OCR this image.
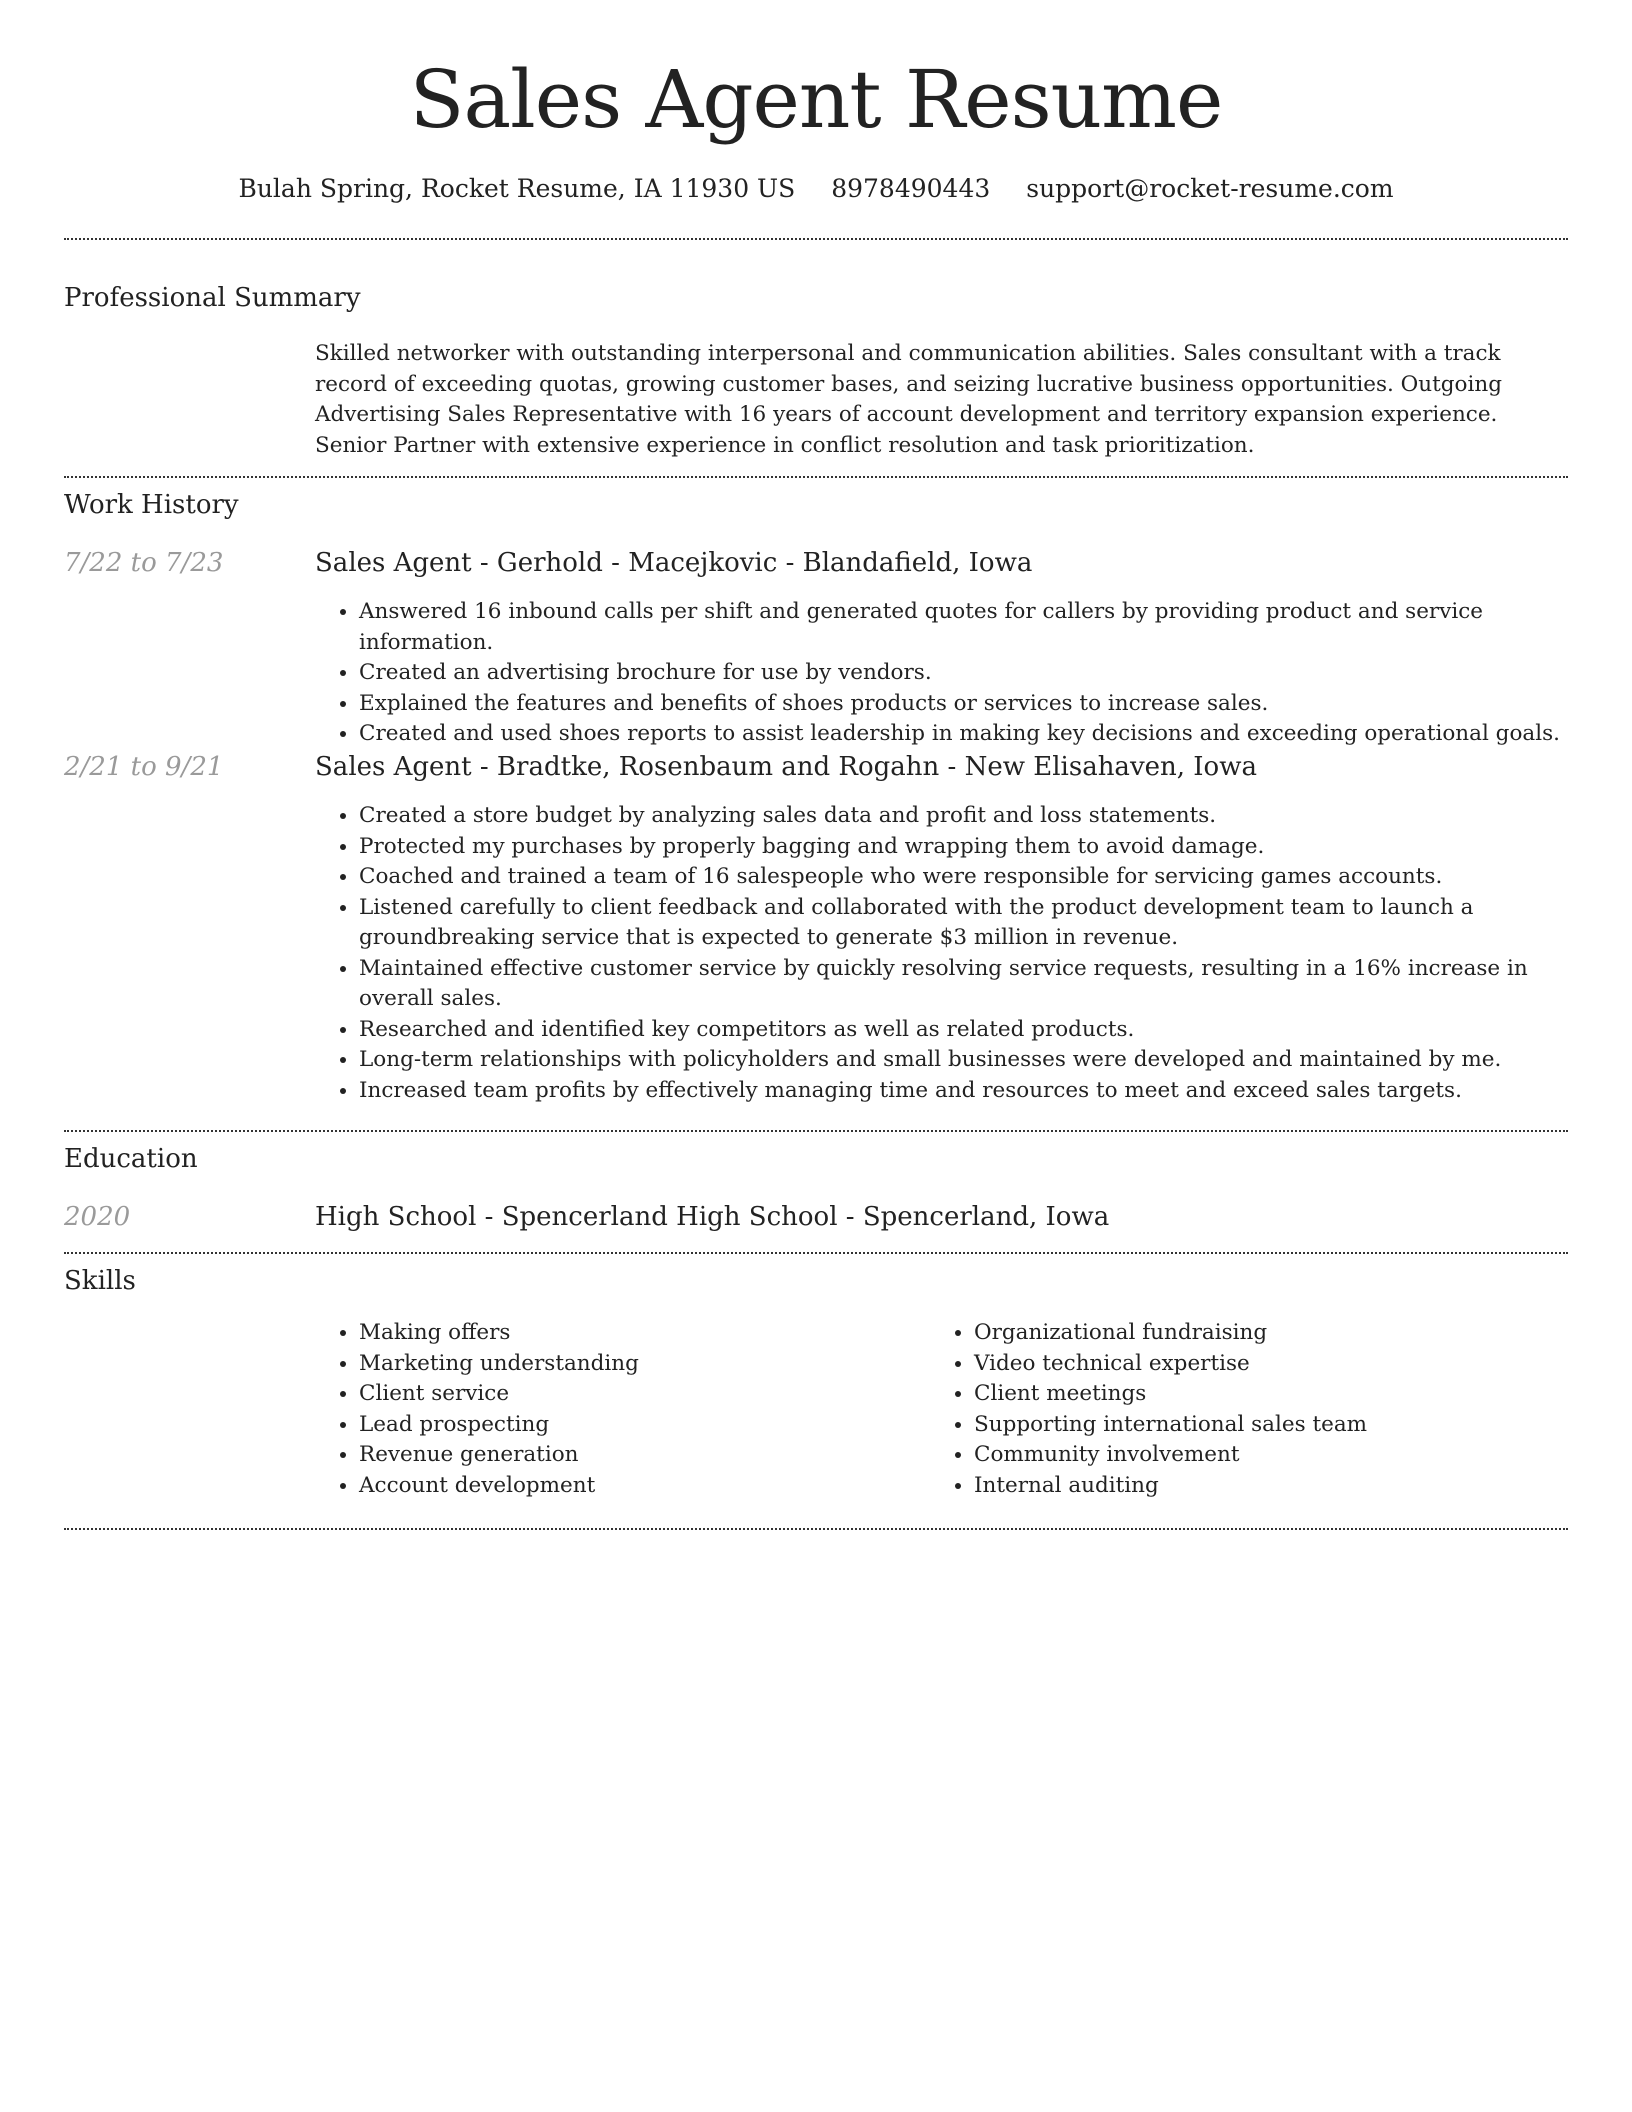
Sales Agent Resume
Bulah Spring, Rocket Resume, IA 11930 US 8978490443 support@rocket-resume.com
Professional Summary
Skilled networker with outstanding interpersonal and communication abilities. Sales consultant with a track record of exceeding quotas, growing customer bases, and seizing lucrative business opportunities. Outgoing Advertising Sales Representative with 16 years of account development and territory expansion experience. Senior Partner with extensive experience in conflict resolution and task prioritization.
Work History
7/22 to 7/23	Sales Agent - Gerhold - Macejkovic - Blandafield, Iowa
• Answered 16 inbound calls per shift and generated quotes for callers by providing product and service information.
• Created an advertising brochure for use by vendors.
• Explained the features and benefits of shoes products or services to increase sales.
• Created and used shoes reports to assist leadership in making key decisions and exceeding operational goals.
2/21 to 9/21	Sales Agent - Bradtke, Rosenbaum and Rogahn - New Elisahaven, Iowa
• Created a store budget by analyzing sales data and profit and loss statements.
• Protected my purchases by properly bagging and wrapping them to avoid damage.
• Coached and trained a team of 16 salespeople who were responsible for servicing games accounts.
• Listened carefully to client feedback and collaborated with the product development team to launch a groundbreaking service that is expected to generate $3 million in revenue.
• Maintained effective customer service by quickly resolving service requests, resulting in a 16% increase in overall sales.
• Researched and identified key competitors as well as related products.
• Long-term relationships with policyholders and small businesses were developed and maintained by me.
• Increased team profits by effectively managing time and resources to meet and exceed sales targets.
Education
2020	High School - Spencerland High School - Spencerland, Iowa
Skills
• Making offers
• Marketing understanding
• Client service
• Lead prospecting
• Revenue generation
• Account development
• Organizational fundraising
• Video technical expertise
• Client meetings
• Supporting international sales team
• Community involvement
• Internal auditing
